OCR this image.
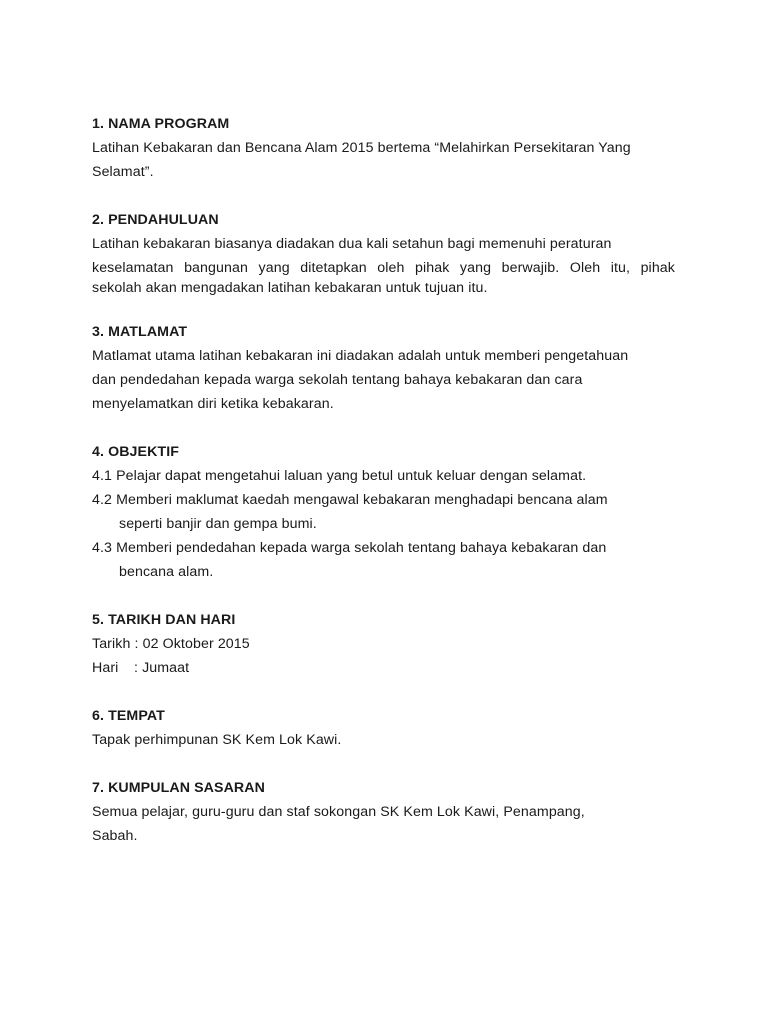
1. NAMA PROGRAM
Latihan Kebakaran dan Bencana Alam 2015 bertema “Melahirkan Persekitaran Yang
Selamat”.
2. PENDAHULUAN
Latihan kebakaran biasanya diadakan dua kali setahun bagi memenuhi peraturan
keselamatan bangunan yang ditetapkan oleh pihak yang berwajib. Oleh itu, pihak
sekolah akan mengadakan latihan kebakaran untuk tujuan itu.
3. MATLAMAT
Matlamat utama latihan kebakaran ini diadakan adalah untuk memberi pengetahuan
dan pendedahan kepada warga sekolah tentang bahaya kebakaran dan cara
menyelamatkan diri ketika kebakaran.
4. OBJEKTIF
4.1 Pelajar dapat mengetahui laluan yang betul untuk keluar dengan selamat.
4.2 Memberi maklumat kaedah mengawal kebakaran menghadapi bencana alam
seperti banjir dan gempa bumi.
4.3 Memberi pendedahan kepada warga sekolah tentang bahaya kebakaran dan
bencana alam.
5. TARIKH DAN HARI
Tarikh : 02 Oktober 2015
Hari : Jumaat
6. TEMPAT
Tapak perhimpunan SK Kem Lok Kawi.
7. KUMPULAN SASARAN
Semua pelajar, guru-guru dan staf sokongan SK Kem Lok Kawi, Penampang,
Sabah.
